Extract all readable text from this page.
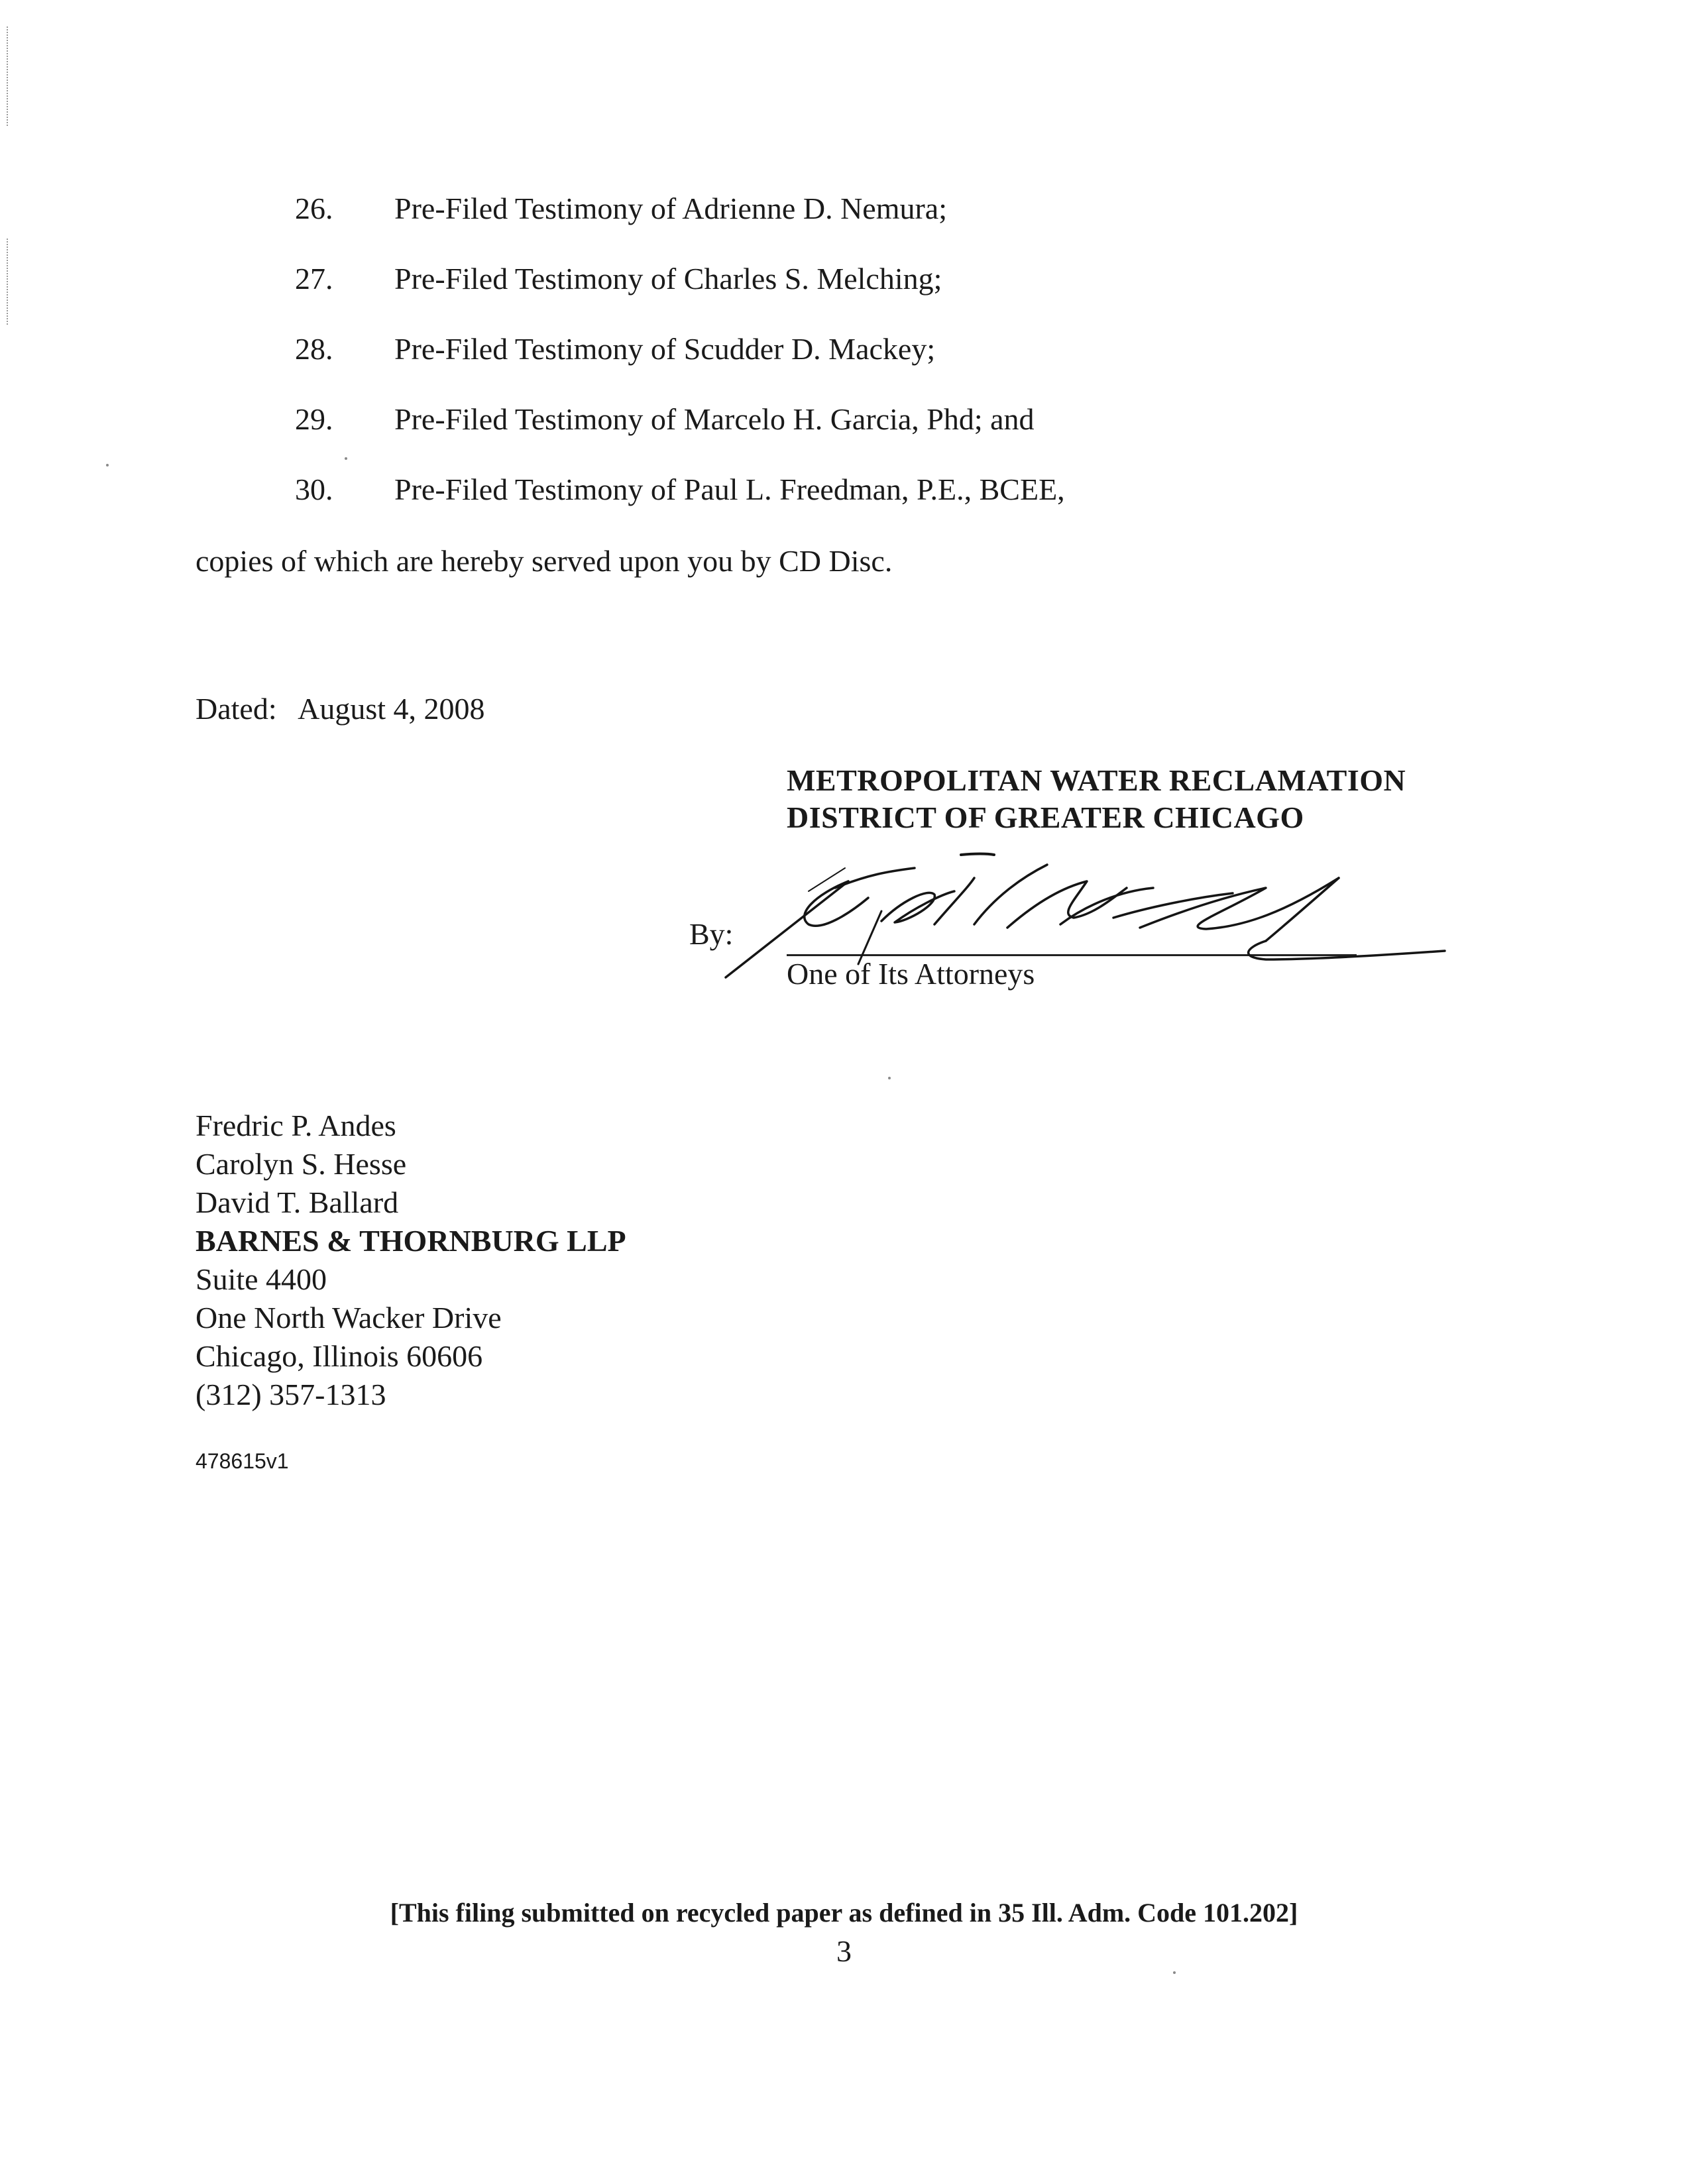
26. Pre-Filed Testimony of Adrienne D. Nemura;
27. Pre-Filed Testimony of Charles S. Melching;
28. Pre-Filed Testimony of Scudder D. Mackey;
29. Pre-Filed Testimony of Marcelo H. Garcia, Phd; and
30. Pre-Filed Testimony of Paul L. Freedman, P.E., BCEE,
copies of which are hereby served upon you by CD Disc.
Dated: August 4, 2008
METROPOLITAN WATER RECLAMATION
DISTRICT OF GREATER CHICAGO
By:
One of Its Attorneys
Fredric P. Andes
Carolyn S. Hesse
David T. Ballard
BARNES & THORNBURG LLP
Suite 4400
One North Wacker Drive
Chicago, Illinois 60606
(312) 357-1313
478615v1
[This filing submitted on recycled paper as defined in 35 Ill. Adm. Code 101.202]
3
